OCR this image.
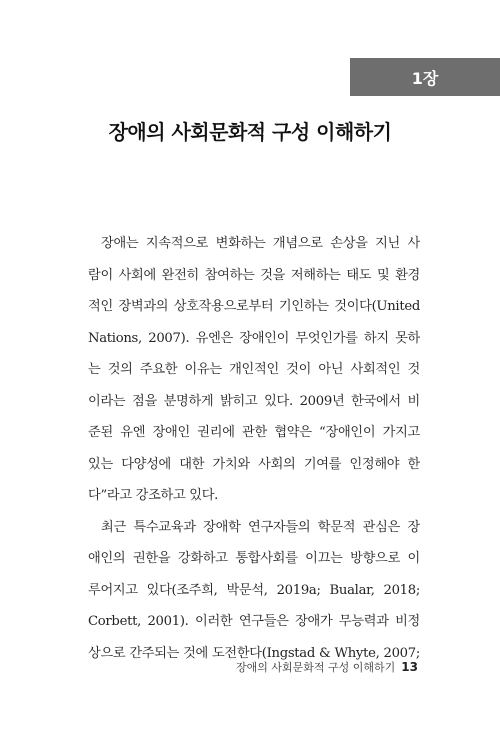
1장
장애의 사회문화적 구성 이해하기
장애는 지속적으로 변화하는 개념으로 손상을 지닌 사
람이 사회에 완전히 참여하는 것을 저해하는 태도 및 환경
적인 장벽과의 상호작용으로부터 기인하는 것이다(United
Nations, 2007). 유엔은 장애인이 무엇인가를 하지 못하
는 것의 주요한 이유는 개인적인 것이 아닌 사회적인 것
이라는 점을 분명하게 밝히고 있다. 2009년 한국에서 비
준된 유엔 장애인 권리에 관한 협약은 “장애인이 가지고
있는 다양성에 대한 가치와 사회의 기여를 인정해야 한
다”라고 강조하고 있다.
최근 특수교육과 장애학 연구자들의 학문적 관심은 장
애인의 권한을 강화하고 통합사회를 이끄는 방향으로 이
루어지고 있다(조주희, 박문석, 2019a; Bualar, 2018;
Corbett, 2001). 이러한 연구들은 장애가 무능력과 비정
상으로 간주되는 것에 도전한다(Ingstad & Whyte, 2007;
장애의 사회문화적 구성 이해하기 13
